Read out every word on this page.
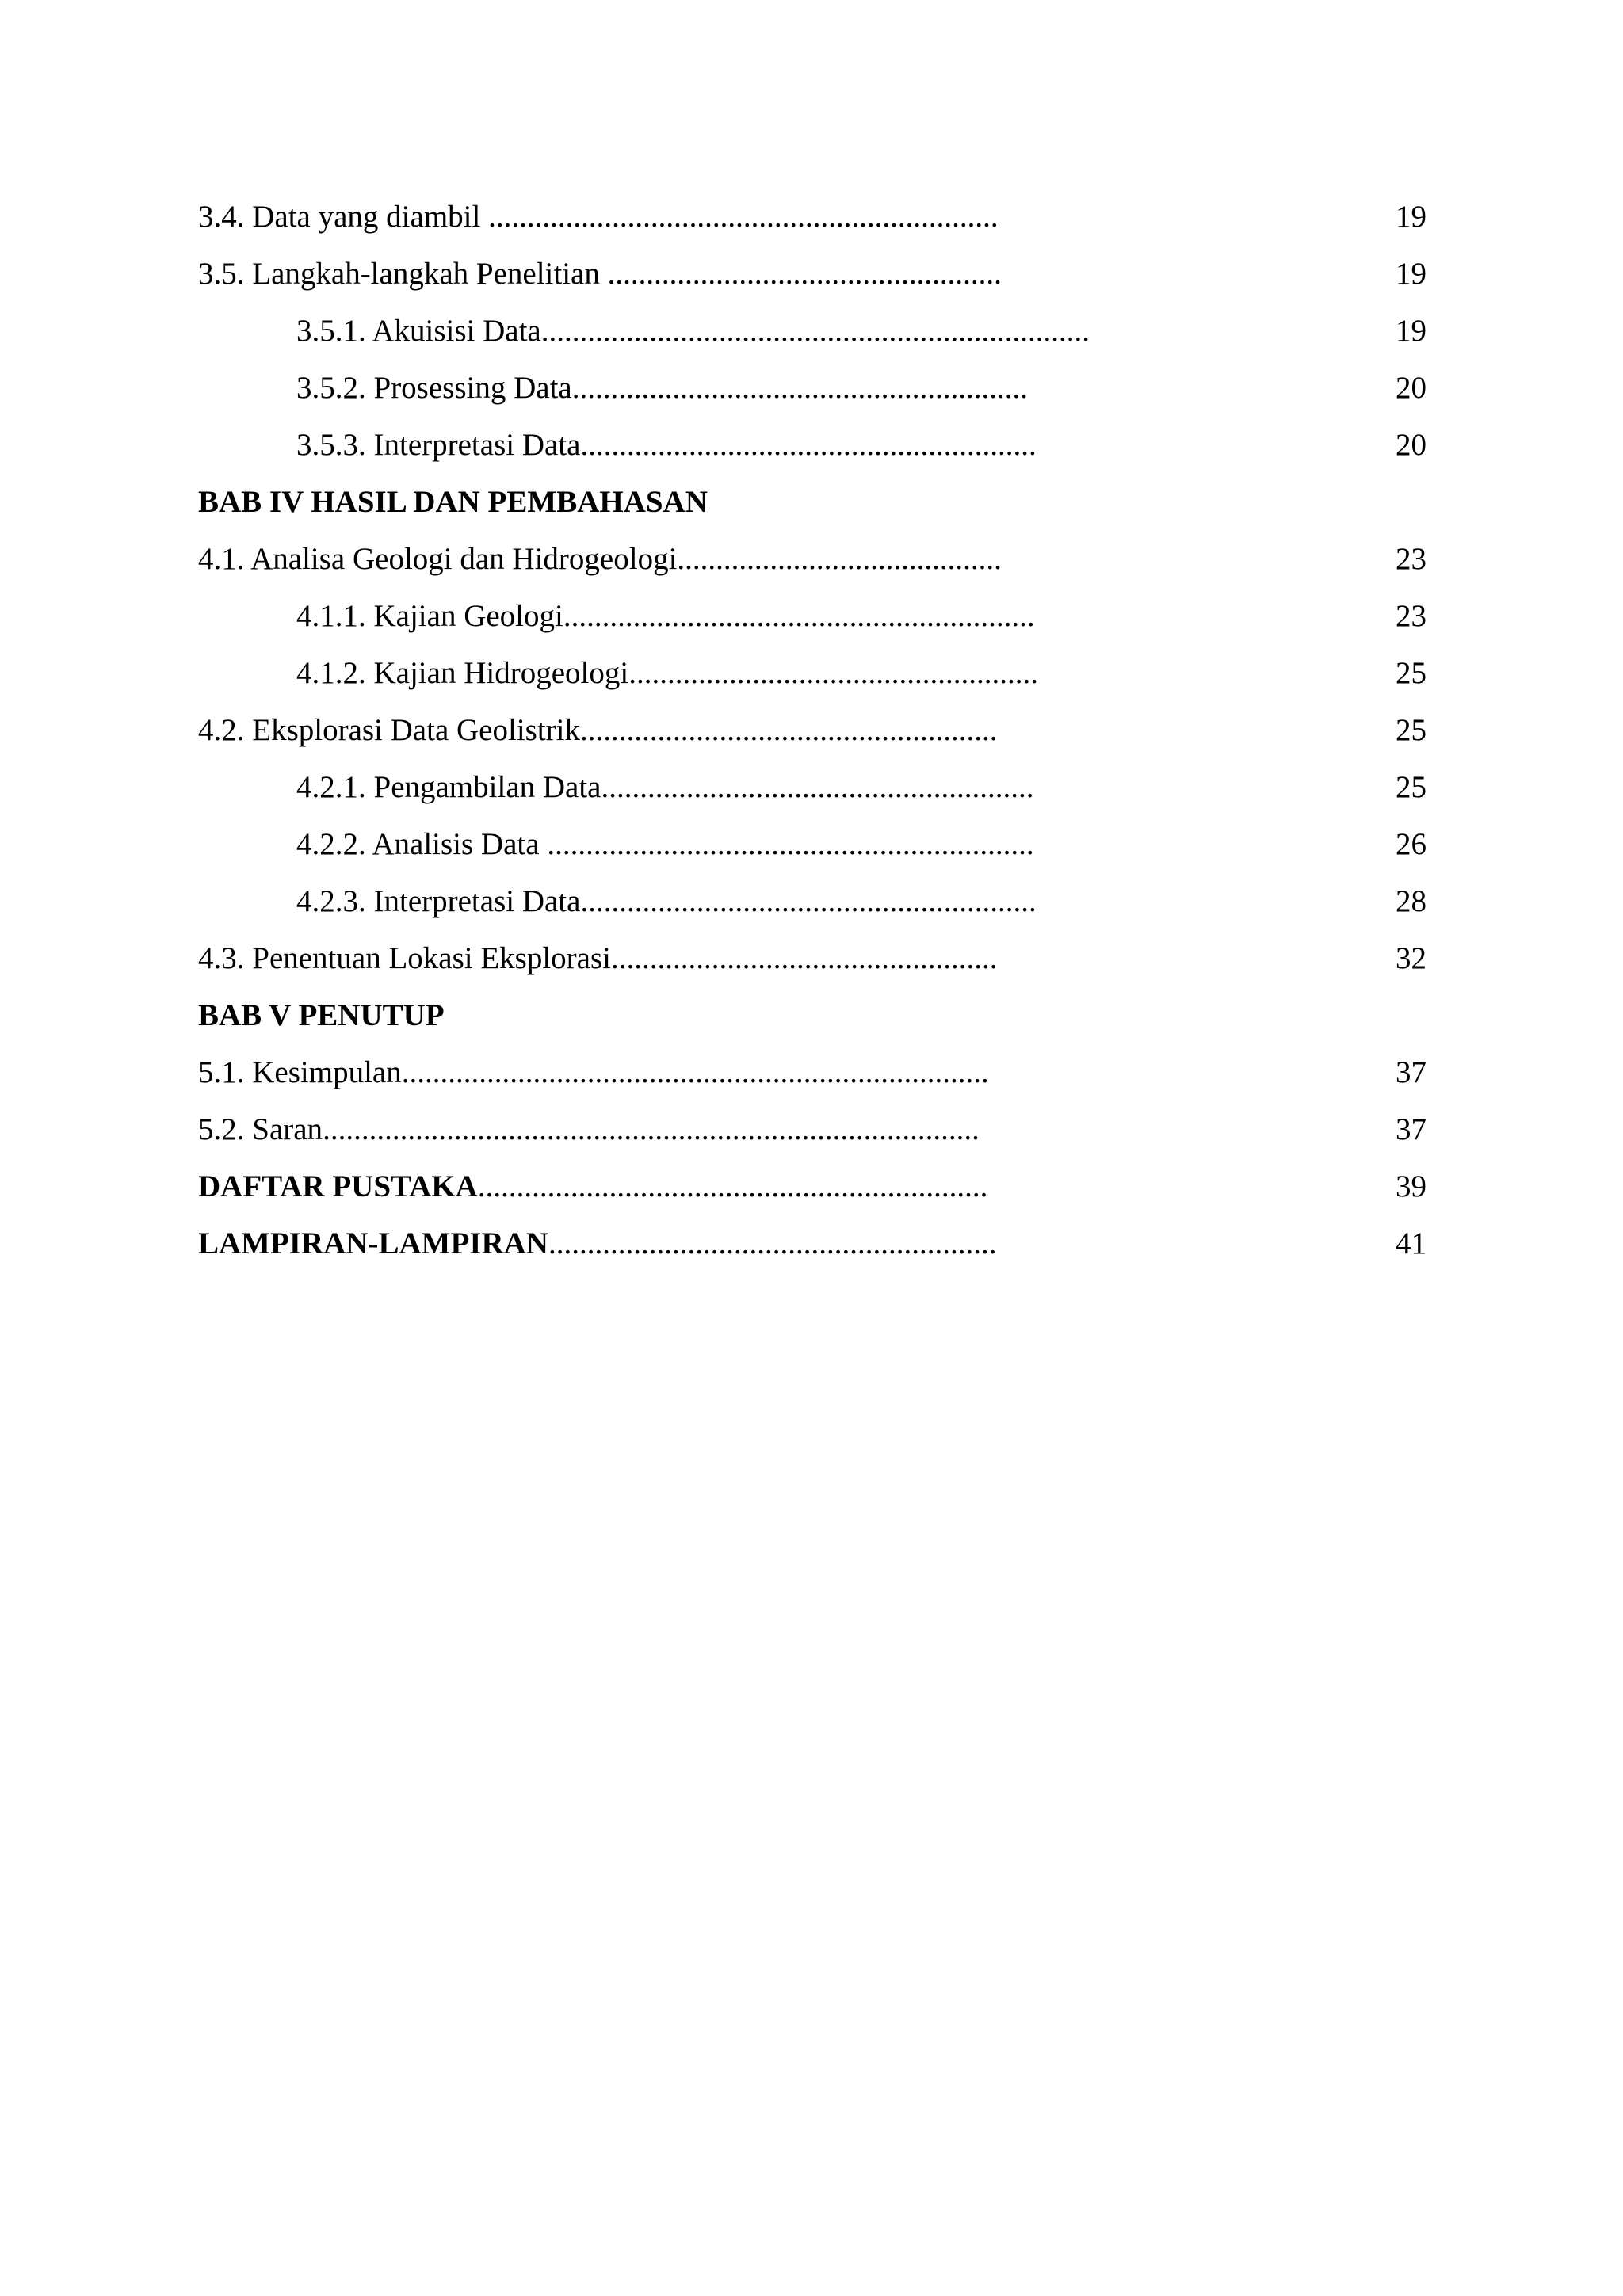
3.4. Data yang diambil ..................................................................	19
3.5. Langkah-langkah Penelitian ...................................................	19
3.5.1. Akuisisi Data.......................................................................	19
3.5.2. Prosessing Data...........................................................	20
3.5.3. Interpretasi Data...........................................................	20
BAB IV HASIL DAN PEMBAHASAN
4.1. Analisa Geologi dan Hidrogeologi..........................................	23
4.1.1. Kajian Geologi.............................................................	23
4.1.2. Kajian Hidrogeologi.....................................................	25
4.2. Eksplorasi Data Geolistrik......................................................	25
4.2.1. Pengambilan Data........................................................	25
4.2.2. Analisis Data ...............................................................	26
4.2.3. Interpretasi Data...........................................................	28
4.3. Penentuan Lokasi Eksplorasi..................................................	32
BAB V PENUTUP
5.1. Kesimpulan............................................................................	37
5.2. Saran.....................................................................................	37
DAFTAR PUSTAKA..................................................................	39
LAMPIRAN-LAMPIRAN..........................................................	41
